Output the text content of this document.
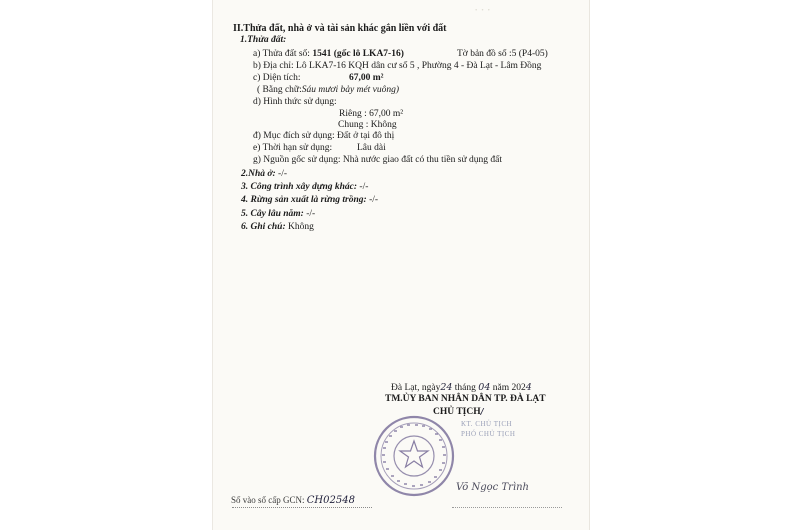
···
II.Thửa đất, nhà ở và tài sản khác gắn liền với đất
1.Thửa đất:
a) Thửa đất số: 1541 (gốc lô LKA7-16)	Tờ bản đồ số :5 (P4-05)
b) Địa chỉ: Lô LKA7-16 KQH dân cư số 5 , Phường 4 - Đà Lạt - Lâm Đồng
c) Diện tích:	67,00 m²
( Bằng chữ:Sáu mươi bảy mét vuông)
d) Hình thức sử dụng:
Riêng : 67,00 m²
Chung : Không
đ) Mục đích sử dụng: Đất ở tại đô thị
e) Thời hạn sử dụng:	Lâu dài
g) Nguồn gốc sử dụng: Nhà nước giao đất có thu tiền sử dụng đất
2.Nhà ở: -/-
3. Công trình xây dựng khác: -/-
4. Rừng sản xuất là rừng trồng: -/-
5. Cây lâu năm: -/-
6. Ghi chú: Không
Đà Lạt, ngày24 tháng 04 năm 2024
TM.ỦY BAN NHÂN DÂN TP. ĐÀ LẠT
CHỦ TỊCH/
KT. CHỦ TỊCH
PHÓ CHỦ TỊCH
Võ Ngọc Trình
Số vào sổ cấp GCN: CH02548
